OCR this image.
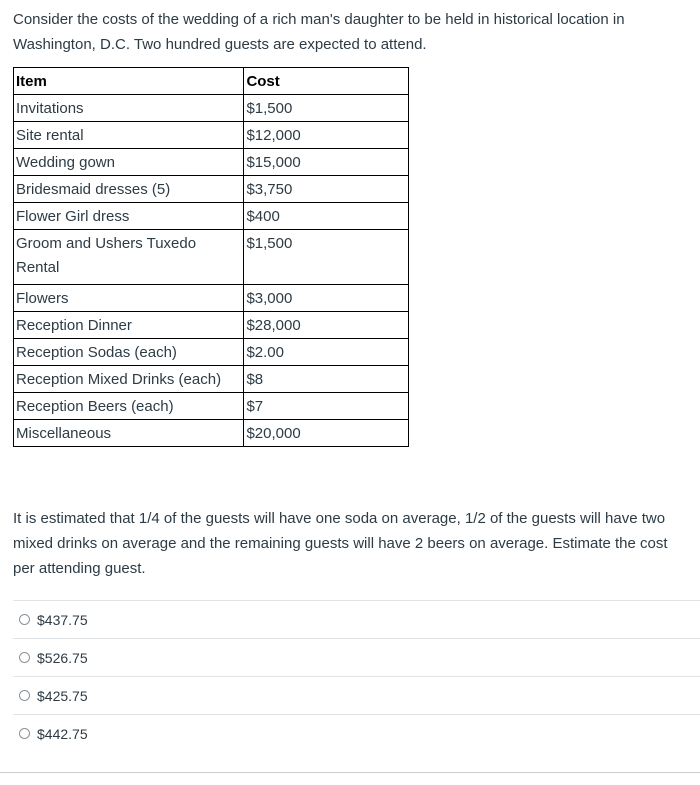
Consider the costs of the wedding of a rich man's daughter to be held in historical location in Washington, D.C. Two hundred guests are expected to attend.

Item	Cost
Invitations	$1,500
Site rental	$12,000
Wedding gown	$15,000
Bridesmaid dresses (5)	$3,750
Flower Girl dress	$400
Groom and Ushers Tuxedo Rental	$1,500
Flowers	$3,000
Reception Dinner	$28,000
Reception Sodas (each)	$2.00
Reception Mixed Drinks (each)	$8
Reception Beers (each)	$7
Miscellaneous	$20,000

It is estimated that 1/4 of the guests will have one soda on average, 1/2 of the guests will have two mixed drinks on average and the remaining guests will have 2 beers on average. Estimate the cost per attending guest.

$437.75
$526.75
$425.75
$442.75
